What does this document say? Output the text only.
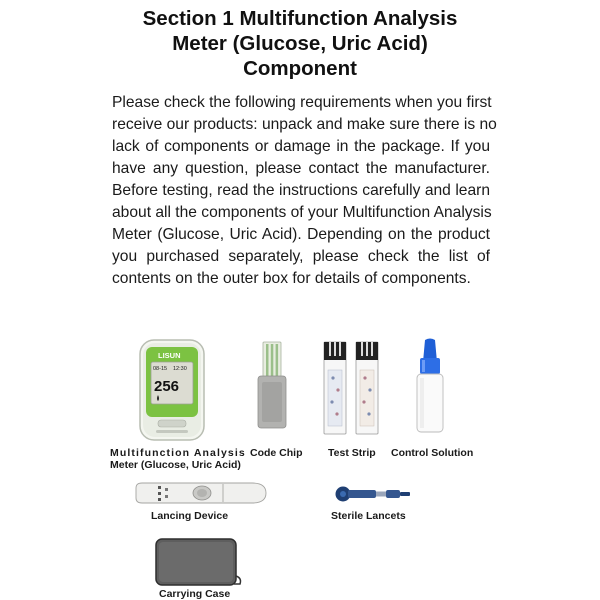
Section 1 Multifunction Analysis
Meter (Glucose, Uric Acid)
Component
Please check the following requirements when you first
receive our products: unpack and make sure there is no
lack of components or damage in the package. If you
have any question, please contact the manufacturer.
Before testing, read the instructions carefully and learn
about all the components of your Multifunction Analysis
Meter (Glucose, Uric Acid). Depending on the product
you purchased separately, please check the list of
contents on the outer box for details of components.
LISUN
08-15 12:30
256
Multifunction Analysis
Meter (Glucose, Uric Acid)
Code Chip Test Strip Control Solution
Lancing Device	Sterile Lancets
Carrying Case
